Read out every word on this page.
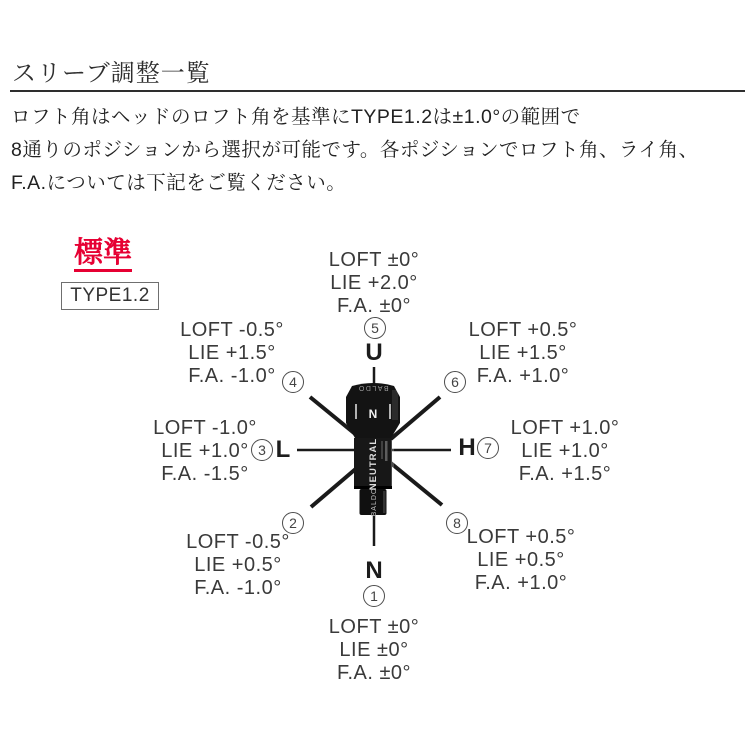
スリーブ調整一覧
ロフト角はヘッドのロフト角を基準にTYPE1.2は±1.0°の範囲で
8通りのポジションから選択が可能です。各ポジションでロフト角、ライ角、
F.A.については下記をご覧ください。
標準
TYPE1.2
BALDO
N
NEUTRAL
BALDO
LOFT ±0°
LIE +2.0°
F.A. ±0°
LOFT -0.5°
LIE +1.5°
F.A. -1.0°
LOFT +0.5°
LIE +1.5°
F.A. +1.0°
LOFT -1.0°
LIE +1.0°
F.A. -1.5°
LOFT +1.0°
LIE +1.0°
F.A. +1.5°
LOFT -0.5°
LIE +0.5°
F.A. -1.0°
LOFT +0.5°
LIE +0.5°
F.A. +1.0°
LOFT ±0°
LIE ±0°
F.A. ±0°
5
4	6
3	7
2	8
1
U
L	H
N
